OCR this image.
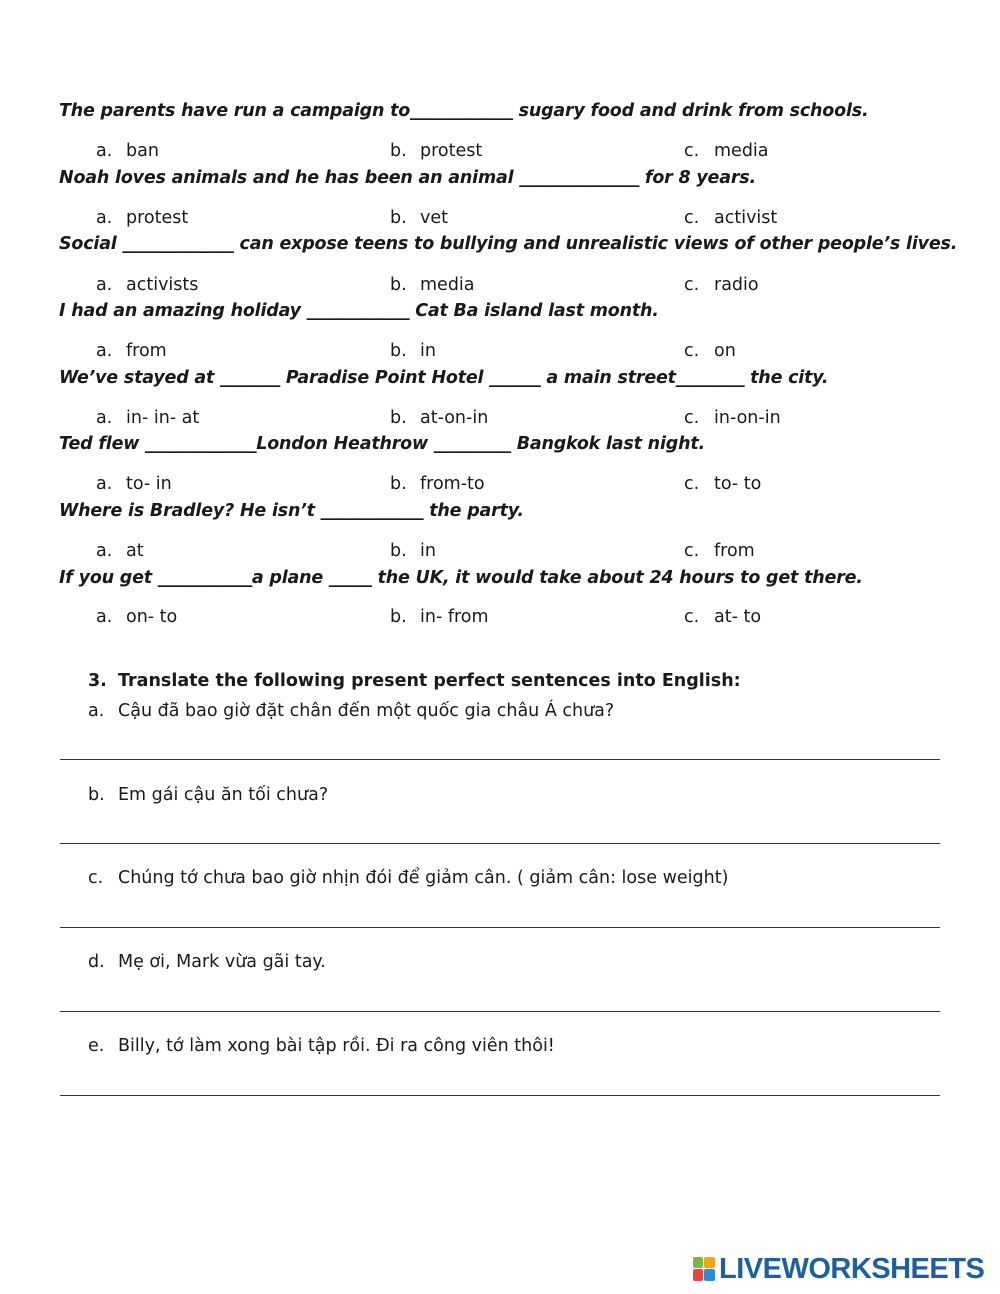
The parents have run a campaign to____________ sugary food and drink from schools.
a. ban	b. protest	c. media
Noah loves animals and he has been an animal ______________ for 8 years.
a. protest	b. vet	c. activist
Social _____________ can expose teens to bullying and unrealistic views of other people’s lives.
a. activists	b. media	c. radio
I had an amazing holiday ____________ Cat Ba island last month.
a. from	b. in	c. on
We’ve stayed at _______ Paradise Point Hotel ______ a main street________ the city.
a. in- in- at	b. at-on-in	c. in-on-in
Ted flew _____________London Heathrow _________ Bangkok last night.
a. to- in	b. from-to	c. to- to
Where is Bradley? He isn’t ____________ the party.
a. at	b. in	c. from
If you get ___________a plane _____ the UK, it would take about 24 hours to get there.
a. on- to	b. in- from	c. at- to
3. Translate the following present perfect sentences into English:
a. Cậu đã bao giờ đặt chân đến một quốc gia châu Á chưa?
b. Em gái cậu ăn tối chưa?
c. Chúng tớ chưa bao giờ nhịn đói để giảm cân. ( giảm cân: lose weight)
d. Mẹ ơi, Mark vừa gãi tay.
e. Billy, tớ làm xong bài tập rồi. Đi ra công viên thôi!
LIVEWORKSHEETS
